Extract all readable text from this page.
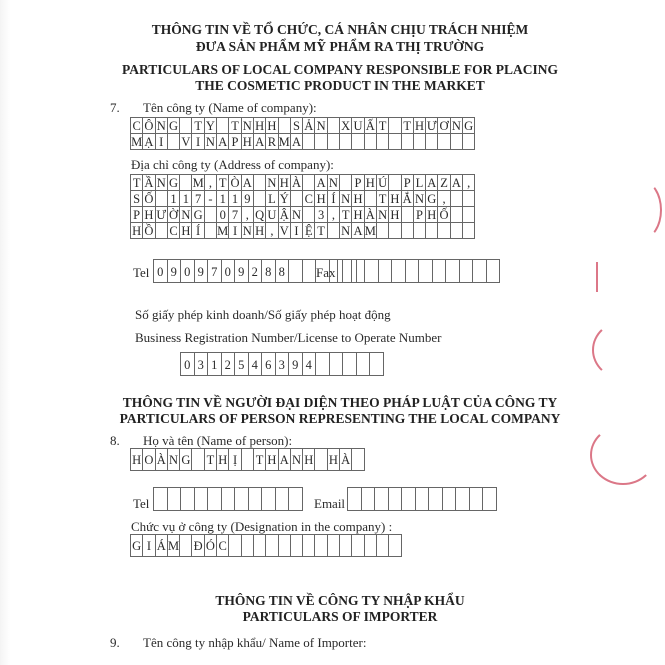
THÔNG TIN VỀ TỔ CHỨC, CÁ NHÂN CHỊU TRÁCH NHIỆM
ĐƯA SẢN PHẨM MỸ PHẨM RA THỊ TRƯỜNG
PARTICULARS OF LOCAL COMPANY RESPONSIBLE FOR PLACING
THE COSMETIC PRODUCT IN THE MARKET
7. Tên công ty (Name of company):
C Ô N G T Y T N H H S Ả N X U Ấ T T H Ư Ơ N G
M Ạ I	V I N A P H A R M A
Địa chỉ công ty (Address of company):
T Ầ N G M , T Ò A N H À A N P H Ú P L A Z A ,
S Ố 1 1 7 - 1 1 9 L Ý C H Í N H T H Ắ N G ,
P H Ư Ờ N G 0 7 , Q U Ậ N 3 , T H À N H P H Ố
H Ồ C H Í	M I N H , V I Ệ T N A M
Tel 0 9 0 9 7 0 9 2 8 8	Fax
Số giấy phép kinh doanh/Số giấy phép hoạt động
Business Registration Number/License to Operate Number
0 3 1 2 5 4 6 3 9 4
THÔNG TIN VỀ NGƯỜI ĐẠI DIỆN THEO PHÁP LUẬT CỦA CÔNG TY
PARTICULARS OF PERSON REPRESENTING THE LOCAL COMPANY
8. Họ và tên (Name of person):
H O À N G T H Ị	T H A N H H À
Tel	Email
Chức vụ ở công ty (Designation in the company) :
G I Á M Đ Ó C
THÔNG TIN VỀ CÔNG TY NHẬP KHẨU
PARTICULARS OF IMPORTER
9. Tên công ty nhập khẩu/ Name of Importer:
